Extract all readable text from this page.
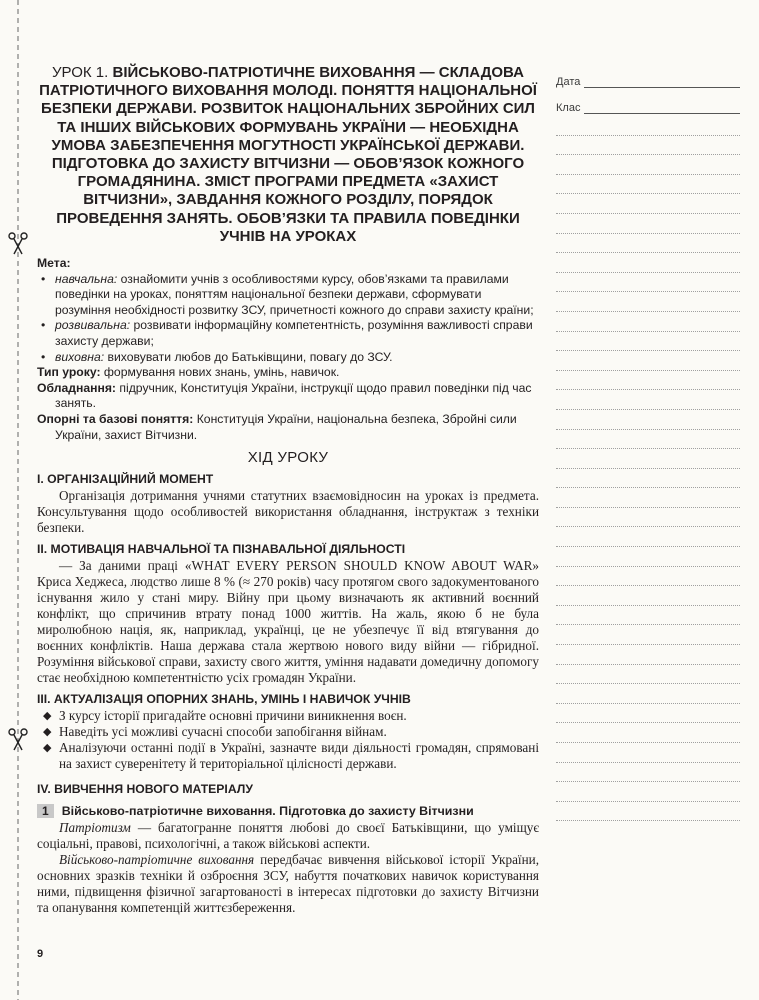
Дата
Клас
УРОК 1. ВІЙСЬКОВО-ПАТРІОТИЧНЕ ВИХОВАННЯ — СКЛАДОВА ПАТРІОТИЧНОГО ВИХОВАННЯ МОЛОДІ. ПОНЯТТЯ НАЦІОНАЛЬНОЇ БЕЗПЕКИ ДЕРЖАВИ. РОЗВИТОК НАЦІОНАЛЬНИХ ЗБРОЙНИХ СИЛ ТА ІНШИХ ВІЙСЬКОВИХ ФОРМУВАНЬ УКРАЇНИ — НЕОБХІДНА УМОВА ЗАБЕЗПЕЧЕННЯ МОГУТНОСТІ УКРАЇНСЬКОЇ ДЕРЖАВИ. ПІДГОТОВКА ДО ЗАХИСТУ ВІТЧИЗНИ — ОБОВ’ЯЗОК КОЖНОГО ГРОМАДЯНИНА. ЗМІСТ ПРОГРАМИ ПРЕДМЕТА «ЗАХИСТ ВІТЧИЗНИ», ЗАВДАННЯ КОЖНОГО РОЗДІЛУ, ПОРЯДОК ПРОВЕДЕННЯ ЗАНЯТЬ. ОБОВ’ЯЗКИ ТА ПРАВИЛА ПОВЕДІНКИ УЧНІВ НА УРОКАХ

Мета:

• навчальна: ознайомити учнів з особливостями курсу, обов’язками та правилами поведінки на уроках, поняттям національної безпеки держави, сформувати розуміння необхідності розвитку ЗСУ, причетності кожного до справи захисту країни;
• розвивальна: розвивати інформаційну компетентність, розуміння важливості справи захисту держави;
• виховна: виховувати любов до Батьківщини, повагу до ЗСУ.

Тип уроку: формування нових знань, умінь, навичок.

Обладнання: підручник, Конституція України, інструкції щодо правил поведінки під час занять.

Опорні та базові поняття: Конституція України, національна безпека, Збройні сили України, захист Вітчизни.

ХІД УРОКУ
І. ОРГАНІЗАЦІЙНИЙ МОМЕНТ

Організація дотримання учнями статутних взаємовідносин на уроках із предмета. Консультування щодо особливостей використання обладнання, інструктаж з техніки безпеки.

ІІ. МОТИВАЦІЯ НАВЧАЛЬНОЇ ТА ПІЗНАВАЛЬНОЇ ДІЯЛЬНОСТІ

— За даними праці «WHAT EVERY PERSON SHOULD KNOW ABOUT WAR» Криса Хеджеса, людство лише 8 % (≈ 270 років) часу протягом свого задокументованого існування жило у стані миру. Війну при цьому визначають як активний воєнний конфлікт, що спричинив втрату понад 1000 життів. На жаль, якою б не була миролюбною нація, як, наприклад, українці, це не убезпечує її від втягування до воєнних конфліктів. Наша держава стала жертвою нового виду війни — гібридної. Розуміння військової справи, захисту свого життя, уміння надавати домедичну допомогу стає необхідною компетентністю усіх громадян України.

ІІІ. АКТУАЛІЗАЦІЯ ОПОРНИХ ЗНАНЬ, УМІНЬ І НАВИЧОК УЧНІВ
◆ З курсу історії пригадайте основні причини виникнення воєн.
◆ Наведіть усі можливі сучасні способи запобігання війнам.
◆ Аналізуючи останні події в Україні, зазначте види діяльності громадян, спрямовані на захист суверенітету й територіальної цілісності держави.
ІV. ВИВЧЕННЯ НОВОГО МАТЕРІАЛУ
1	Військово-патріотичне виховання. Підготовка до захисту Вітчизни

Патріотизм — багатогранне поняття любові до своєї Батьківщини, що уміщує соціальні, правові, психологічні, а також військові аспекти.

Військово-патріотичне виховання передбачає вивчення військової історії України, основних зразків техніки й озброєння ЗСУ, набуття початкових навичок користування ними, підвищення фізичної загартованості в інтересах підготовки до захисту Вітчизни та опанування компетенцій життєзбереження.

9
